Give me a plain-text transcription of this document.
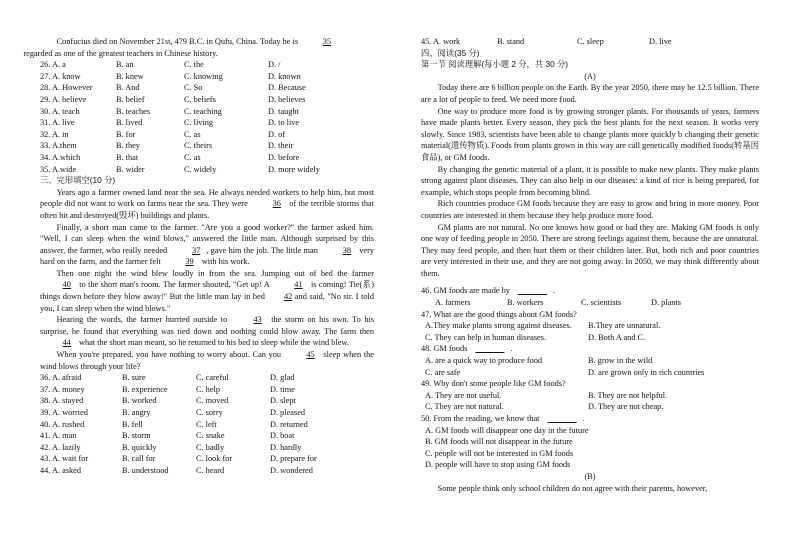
Confucius died on November 21st, 479 B.C. in Qufu, China. Today he is	35
regarded as one of the greatest teachers in Chinese history.
26. A. a	B. an	C. the	D. /
27. A. know	B. knew	C. knowing	D. known
28. A. However	B. And	C. So	D. Because
29. A. believe	B. belief	C. beliefs	D. believes
30. A. teach	B. teaches	C. teaching	D. taught
31. A. live	B. lived	C. living	D. to live
32. A. in	B. for	C. as	D. of
33. A.them	B. they	C. theirs	D. their
34. A.which	B. that	C. as	D. before
35. A.wide	B. wider	C. widely	D. more widely
三、完形填空(10 分)
Years ago a farmer owned land near the sea. He always needed workers to help him, but most people did not want to work on farms near the sea. They were	36 of the terrible storms that often hit and destroyed(毁坏) buildings and plants.
Finally, a short man came to the farmer. "Are you a good worker?" the farmer asked him. "Well, I can sleep when the wind blows," answered the little man. Although surprised by this answer, the farmer, who really needed	37 , gave him the job. The little man	38 very hard on the farm, and the farmer felt	39 with his work.
Then one night the wind blew loudly in from the sea. Jumping out of bed the farmer 40 to the short man's room. The farmer shouted, "Get up! A	41 is coming! Tie(系) things down before they blow away!" But the little man lay in bed 42 and said, "No sir. I told you, I can sleep when the wind blows."
Hearing the words, the farmer hurried outside to	43 the storm on his own. To his surprise, he found that everything was tied down and nothing could blow away. The farm then 44 what the short man meant, so he returned to his bed to sleep while the wind blew.
When you're prepared, you have nothing to worry about. Can you	45 sleep when the wind blows through your life?
36. A. afraid	B. sure	C. careful	D. glad
37. A. money	B. experience	C. help	D. time
38. A. stayed	B. worked	C. moved	D. slept
39. A. worried	B. angry	C. sorry	D. pleased
40. A. rushed	B. fell	C. left	D. returned
41. A. man	B. storm	C. snake	D. boat
42. A. lazily	B. quickly	C. badly	D. hardly
43. A. wait for	B. call for	C. look for	D. prepare for
44. A. asked	B. understood	C. heard	D. wondered
45. A. work	B. stand	C. sleep	D. live
四、阅读(35 分)
第一节 阅读理解(每小题 2 分，共 30 分)
(A)
Today there are 6 billion people on the Earth. By the year 2050, there may be 12.5 billion. There are a lot of people to feed. We need more food.
One way to produce more food is by growing stronger plants. For thousands of years, farmers have made plants better. Every season, they pick the best plants for the next season. It works very slowly. Since 1983, scientists have been able to change plants more quickly b changing their genetic material(遗传物质). Foods from plants grown in this way are call genetically modified foods(转基因食品), or GM foods.
By changing the genetic material of a plant, it is possible to make new plants. They make plants strong against plant diseases. They can also help in our diseases: a kind of rice is being prepared, for example, which stops people from becoming blind.
Rich countries produce GM foods because they are easy to grow and bring in more money. Poor countries are interested in them because they help produce more food.
GM plants are not natural. No one knows how good or bad they are. Making GM foods is only one way of feeding people in 2050. There are strong feelings against them, because the are unnatural. They may feed people, and then hurt them or their children later. But, both rich and poor countries are very interested in their use, and they are not going away. In 2050, we may think differently about them.
46. GM foods are made by	.
A. farmers	B. workers	C. scientists	D. plants
47. What are the good things about GM foods?
A.They make plants strong against diseases.	B.They are unnatural.
C. They can help in human diseases.	D. Both A and C.
48. GM foods	.
A. are a quick way to produce food	B. grow in the wild
C. are safe	D. are grown only in rich countries
49. Why don't some people like GM foods?
A. They are not useful.	B. They are not helpful.
C. They are not natural.	D. They are not cheap.
50. From the reading, we know that	.
A. GM foods will disappear one day in the future
B. GM foods will not disappear in the future
C. people will not be interested in GM foods
D. people will have to stop using GM foods
(B)
Some people think only school children do not agree with their parents, however,
